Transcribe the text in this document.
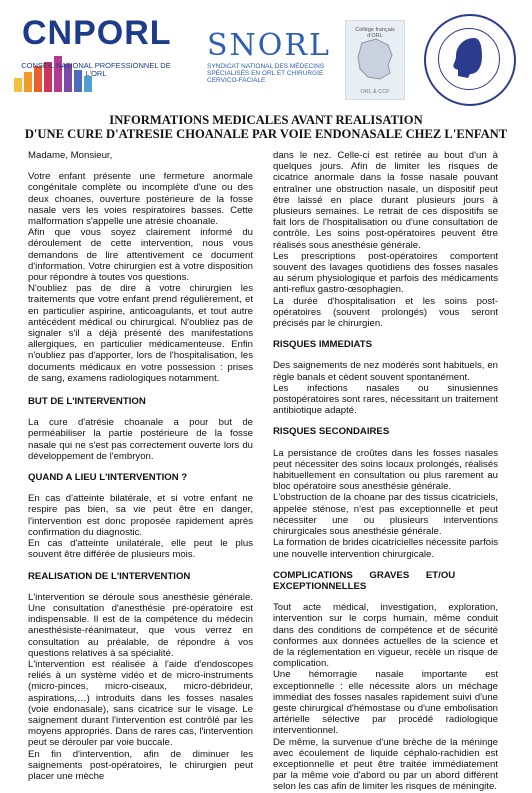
CNPORL
CONSEIL NATIONAL PROFESSIONNEL DE L'ORL
SNORL
SYNDICAT NATIONAL DES MÉDECINS SPÉCIALISÉS EN ORL ET CHIRURGIE CERVICO-FACIALE
Collège français d'ORL
ORL & CCF
INFORMATIONS MEDICALES AVANT REALISATION
D'UNE CURE D'ATRESIE CHOANALE PAR VOIE ENDONASALE CHEZ L'ENFANT

Madame, Monsieur,

Votre enfant présente une fermeture anormale congénitale complète ou incomplète d'une ou des deux choanes, ouverture postérieure de la fosse nasale vers les voies respiratoires basses. Cette malformation s'appelle une atrésie choanale.

Afin que vous soyez clairement informé du déroulement de cette intervention, nous vous demandons de lire attentivement ce document d'information. Votre chirurgien est à votre disposition pour répondre à toutes vos questions.

N'oubliez pas de dire à votre chirurgien les traitements que votre enfant prend régulièrement, et en particulier aspirine, anticoagulants, et tout autre antécédent médical ou chirurgical. N'oubliez pas de signaler s'il a déjà présenté des manifestations allergiques, en particulier médicamenteuse. Enfin n'oubliez pas d'apporter, lors de l'hospitalisation, les documents médicaux en votre possession : prises de sang, examens radiologiques notamment.

BUT DE L'INTERVENTION

La cure d'atrésie choanale a pour but de perméabiliser la partie postérieure de la fosse nasale qui ne s'est pas correctement ouverte lors du développement de l'embryon.

QUAND A LIEU L'INTERVENTION ?

En cas d'atteinte bilatérale, et si votre enfant ne respire pas bien, sa vie peut être en danger, l'intervention est donc proposée rapidement après confirmation du diagnostic.

En cas d'atteinte unilatérale, elle peut le plus souvent être différée de plusieurs mois.

REALISATION DE L'INTERVENTION

L'intervention se déroule sous anesthésie générale. Une consultation d'anesthésie pré-opératoire est indispensable. Il est de la compétence du médecin anesthésiste-réanimateur, que vous verrez en consultation au préalable, de répondre à vos questions relatives à sa spécialité.

L'intervention est réalisée à l'aide d'endoscopes reliés à un système vidéo et de micro-instruments (micro-pinces, micro-ciseaux, micro-débrideur, aspirations,…) introduits dans les fosses nasales (voie endonasale), sans cicatrice sur le visage. Le saignement durant l'intervention est contrôlé par les moyens appropriés. Dans de rares cas, l'intervention peut se dérouler par voie buccale.

En fin d'intervention, afin de diminuer les saignements post-opératoires, le chirurgien peut placer une mèche

dans le nez. Celle-ci est retirée au bout d'un à quelques jours. Afin de limiter les risques de cicatrice anormale dans la fosse nasale pouvant entraîner une obstruction nasale, un dispositif peut être laissé en place durant plusieurs jours à plusieurs semaines. Le retrait de ces dispositifs se fait lors de l'hospitalisation ou d'une consultation de contrôle. Les soins post-opératoires peuvent être réalisés sous anesthésie générale.

Les prescriptions post-opératoires comportent souvent des lavages quotidiens des fosses nasales au sérum physiologique et parfois des médicaments anti-reflux gastro-œsophagien.

La durée d'hospitalisation et les soins post-opératoires (souvent prolongés) vous seront précisés par le chirurgien.

RISQUES IMMEDIATS

Des saignements de nez modérés sont habituels, en règle banals et cèdent souvent spontanément.

Les infections nasales ou sinusiennes postopératoires sont rares, nécessitant un traitement antibiotique adapté.

RISQUES SECONDAIRES

La persistance de croûtes dans les fosses nasales peut nécessiter des soins locaux prolongés, réalisés habituellement en consultation ou plus rarement au bloc opératoire sous anesthésie générale.

L'obstruction de la choane par des tissus cicatriciels, appelée sténose, n'est pas exceptionnelle et peut nécessiter une ou plusieurs interventions chirurgicales sous anesthésie générale.

La formation de brides cicatricielles nécessite parfois une nouvelle intervention chirurgicale.

COMPLICATIONS GRAVES ET/OU EXCEPTIONNELLES

Tout acte médical, investigation, exploration, intervention sur le corps humain, même conduit dans des conditions de compétence et de sécurité conformes aux données actuelles de la science et de la réglementation en vigueur, recèle un risque de complication.

Une hémorragie nasale importante est exceptionnelle : elle nécessite alors un méchage immédiat des fosses nasales rapidement suivi d'une geste chirurgical d'hémostase ou d'une embolisation artérielle sélective par procédé radiologique interventionnel.

De même, la survenue d'une brèche de la méninge avec écoulement de liquide céphalo-rachidien est exceptionnelle et peut être traitée immédiatement par la même voie d'abord ou par un abord différent selon les cas afin de limiter les risques de méningite.
